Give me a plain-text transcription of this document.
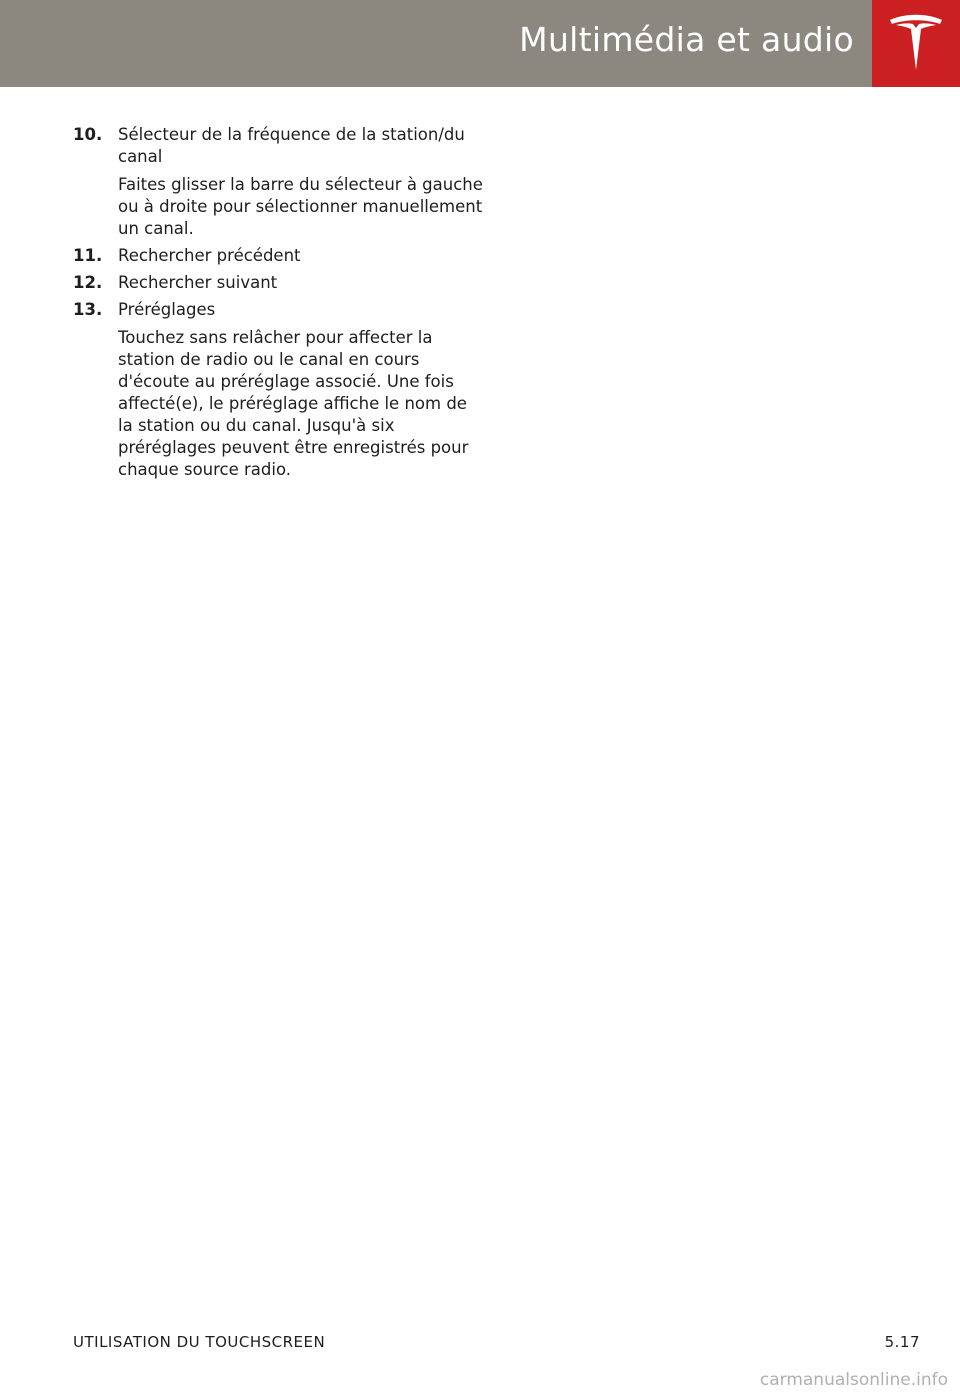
Multimédia et audio
10. Sélecteur de la fréquence de la station/du canal
Faites glisser la barre du sélecteur à gauche ou à droite pour sélectionner manuellement un canal.
11. Rechercher précédent
12. Rechercher suivant
13. Préréglages
Touchez sans relâcher pour affecter la station de radio ou le canal en cours d'écoute au préréglage associé. Une fois affecté(e), le préréglage affiche le nom de la station ou du canal. Jusqu'à six préréglages peuvent être enregistrés pour chaque source radio.
UTILISATION DU TOUCHSCREEN	5.17
carmanualsonline.info
